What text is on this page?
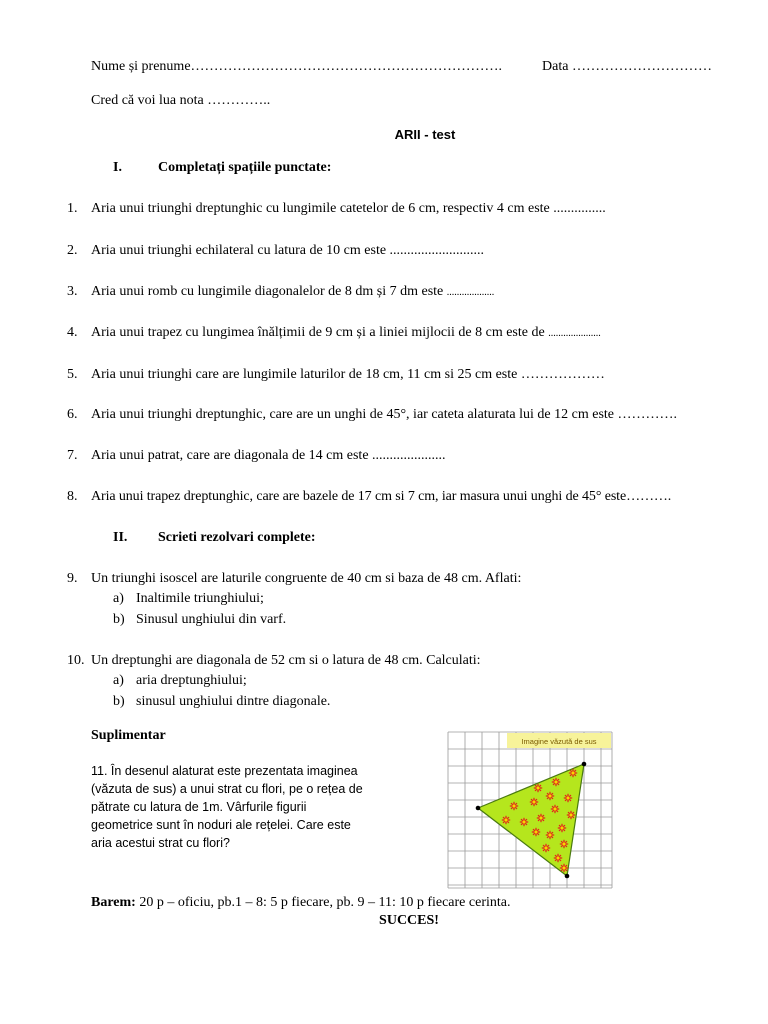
Nume și prenume………………………………………………………….	Data …………………………
Cred că voi lua nota …………..
ARII - test
I.	Completați spațiile punctate:
1. Aria unui triunghi dreptunghic cu lungimile catetelor de 6 cm, respectiv 4 cm este ...............
2. Aria unui triunghi echilateral cu latura de 10 cm este ...........................
3. Aria unui romb cu lungimile diagonalelor de 8 dm și 7 dm este ...................
4. Aria unui trapez cu lungimea înălțimii de 9 cm și a liniei mijlocii de 8 cm este de .....................
5. Aria unui triunghi care are lungimile laturilor de 18 cm, 11 cm si 25 cm este ………………
6. Aria unui triunghi dreptunghic, care are un unghi de 45°, iar cateta alaturata lui de 12 cm este ………….
7. Aria unui patrat, care are diagonala de 14 cm este .....................
8. Aria unui trapez dreptunghic, care are bazele de 17 cm si 7 cm, iar masura unui unghi de 45° este……….
II. Scrieti rezolvari complete:
9. Un triunghi isoscel are laturile congruente de 40 cm si baza de 48 cm. Aflati:
a) Inaltimile triunghiului;
b) Sinusul unghiului din varf.
10. Un dreptunghi are diagonala de 52 cm si o latura de 48 cm. Calculati:
a) aria dreptunghiului;
b) sinusul unghiului dintre diagonale.
Suplimentar
11. În desenul alaturat este prezentata imaginea
(văzuta de sus) a unui strat cu flori, pe o rețea de
pătrate cu latura de 1m. Vârfurile figurii
geometrice sunt în noduri ale rețelei. Care este
aria acestui strat cu flori?
Imagine văzută de sus
Barem: 20 p – oficiu, pb.1 – 8: 5 p fiecare, pb. 9 – 11: 10 p fiecare cerinta.
SUCCES!
